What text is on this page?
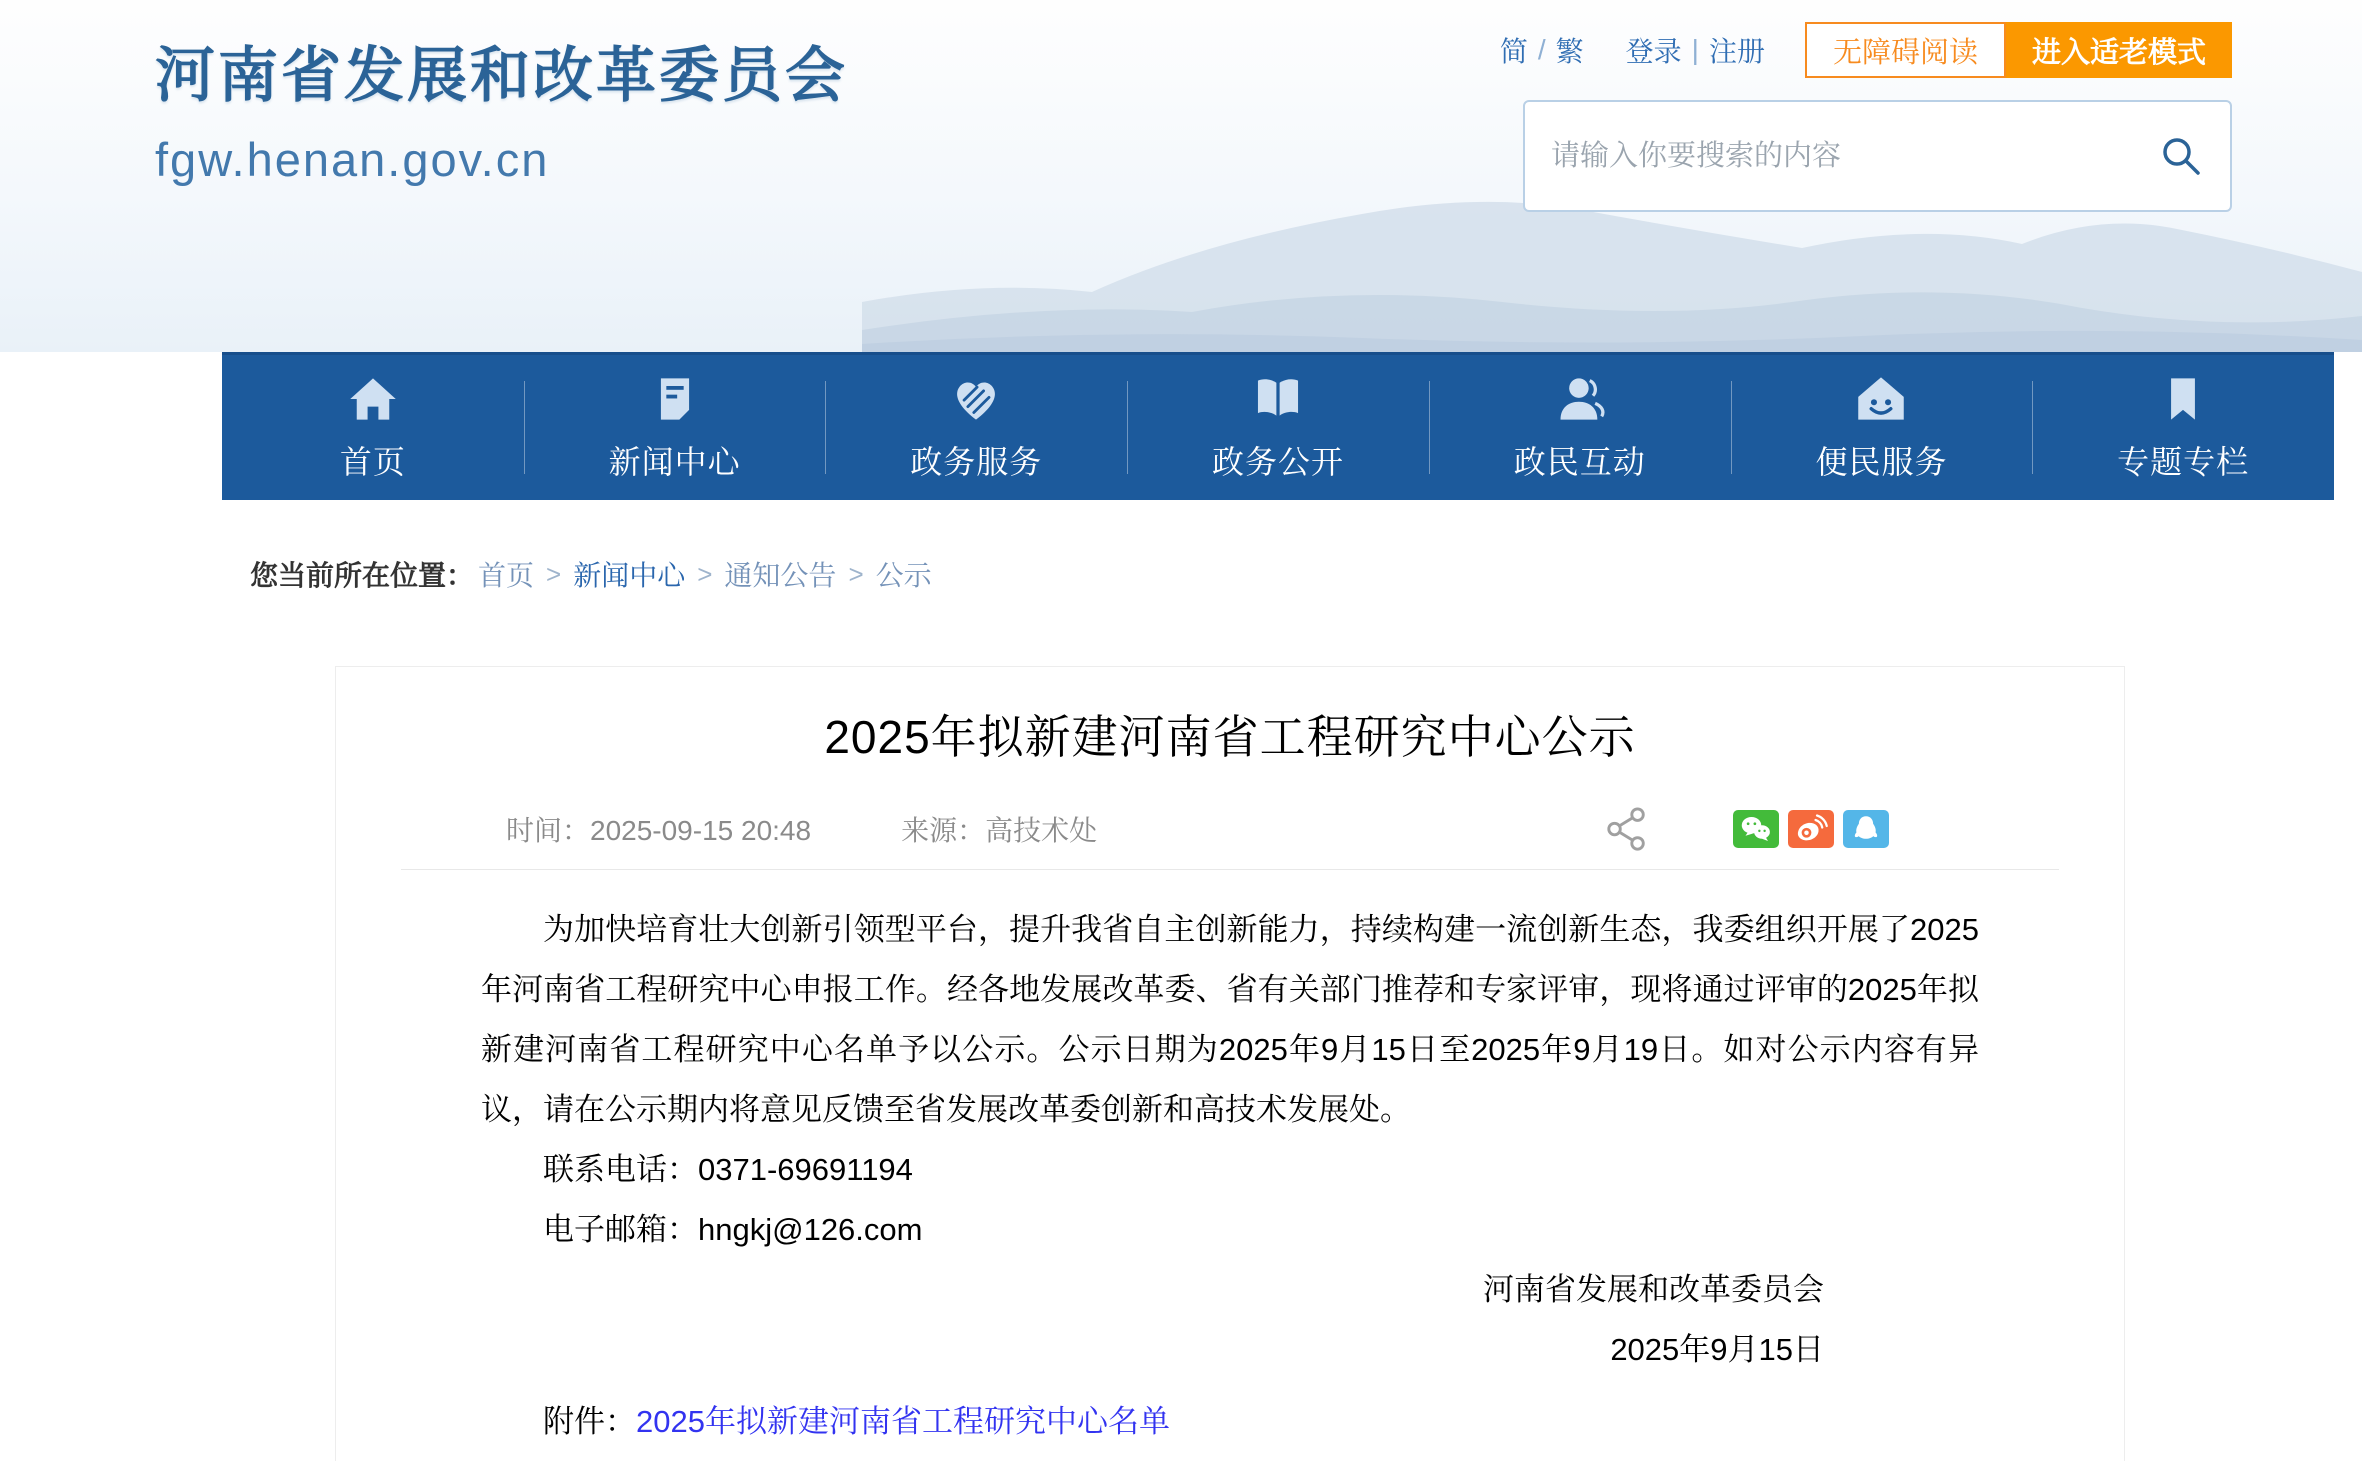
河南省发展和改革委员会
fgw.henan.gov.cn
简 / 繁 登录 | 注册	无障碍阅读	进入适老模式
请输入你要搜索的内容
首页	新闻中心	政务服务	政务公开	政民互动	便民服务	专题专栏
您当前所在位置： 首页 > 新闻中心 > 通知公告 > 公示
2025年拟新建河南省工程研究中心公示
时间：2025-09-15 20:48	来源：高技术处

为加快培育壮大创新引领型平台，提升我省自主创新能力，持续构建一流创新生态，我委组织开展了2025年河南省工程研究中心申报工作。经各地发展改革委、省有关部门推荐和专家评审，现将通过评审的2025年拟新建河南省工程研究中心名单予以公示。公示日期为2025年9月15日至2025年9月19日。如对公示内容有异议，请在公示期内将意见反馈至省发展改革委创新和高技术发展处。

联系电话：0371-69691194

电子邮箱：hngkj@126.com

河南省发展和改革委员会
2025年9月15日
附件：2025年拟新建河南省工程研究中心名单
